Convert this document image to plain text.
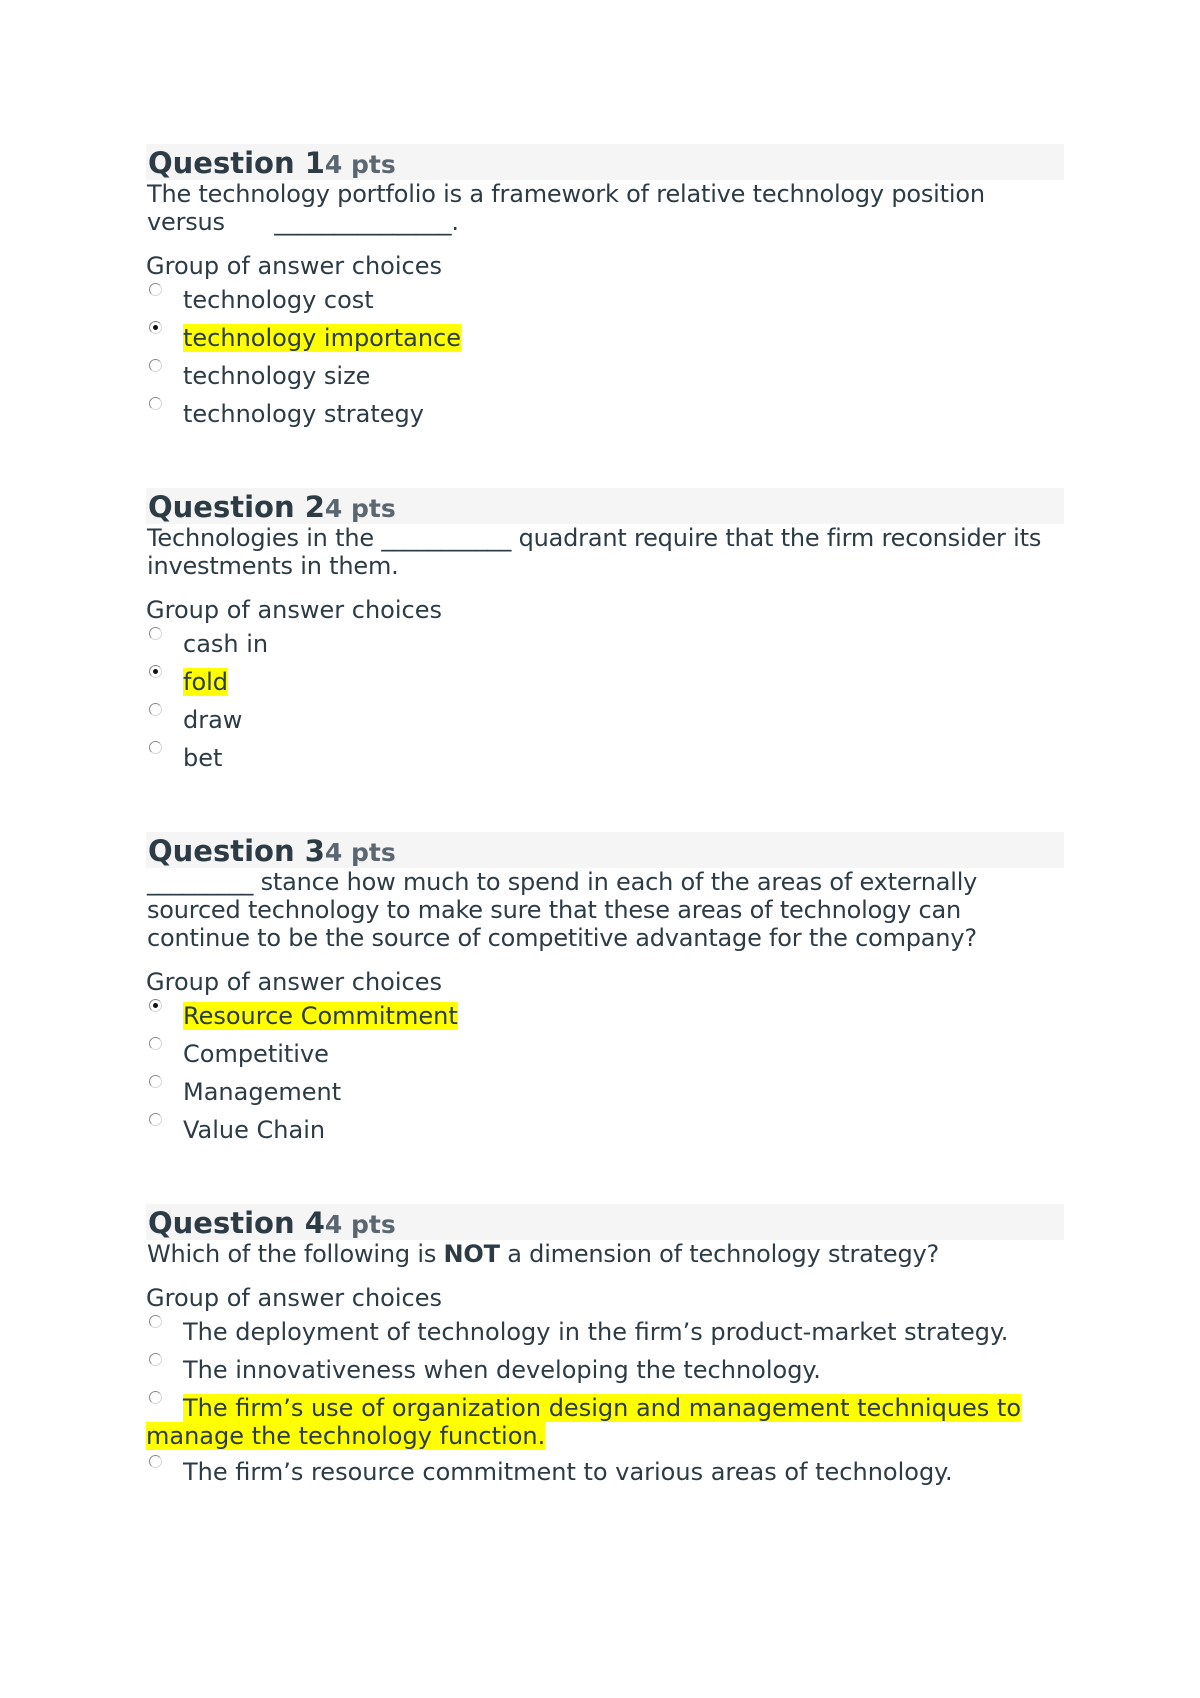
Question 1 4 pts
The technology portfolio is a framework of relative technology position versus _______________.
Group of answer choices
technology cost
technology importance
technology size
technology strategy
Question 2 4 pts
Technologies in the ___________ quadrant require that the firm reconsider its investments in them.
Group of answer choices
cash in
fold
draw
bet
Question 3 4 pts
_________ stance how much to spend in each of the areas of externally sourced technology to make sure that these areas of technology can continue to be the source of competitive advantage for the company?
Group of answer choices
Resource Commitment
Competitive
Management
Value Chain
Question 4 4 pts
Which of the following is NOT a dimension of technology strategy?
Group of answer choices
The deployment of technology in the firm’s product-market strategy.
The innovativeness when developing the technology.
The firm’s use of organization design and management techniques to manage the technology function.
The firm’s resource commitment to various areas of technology.
